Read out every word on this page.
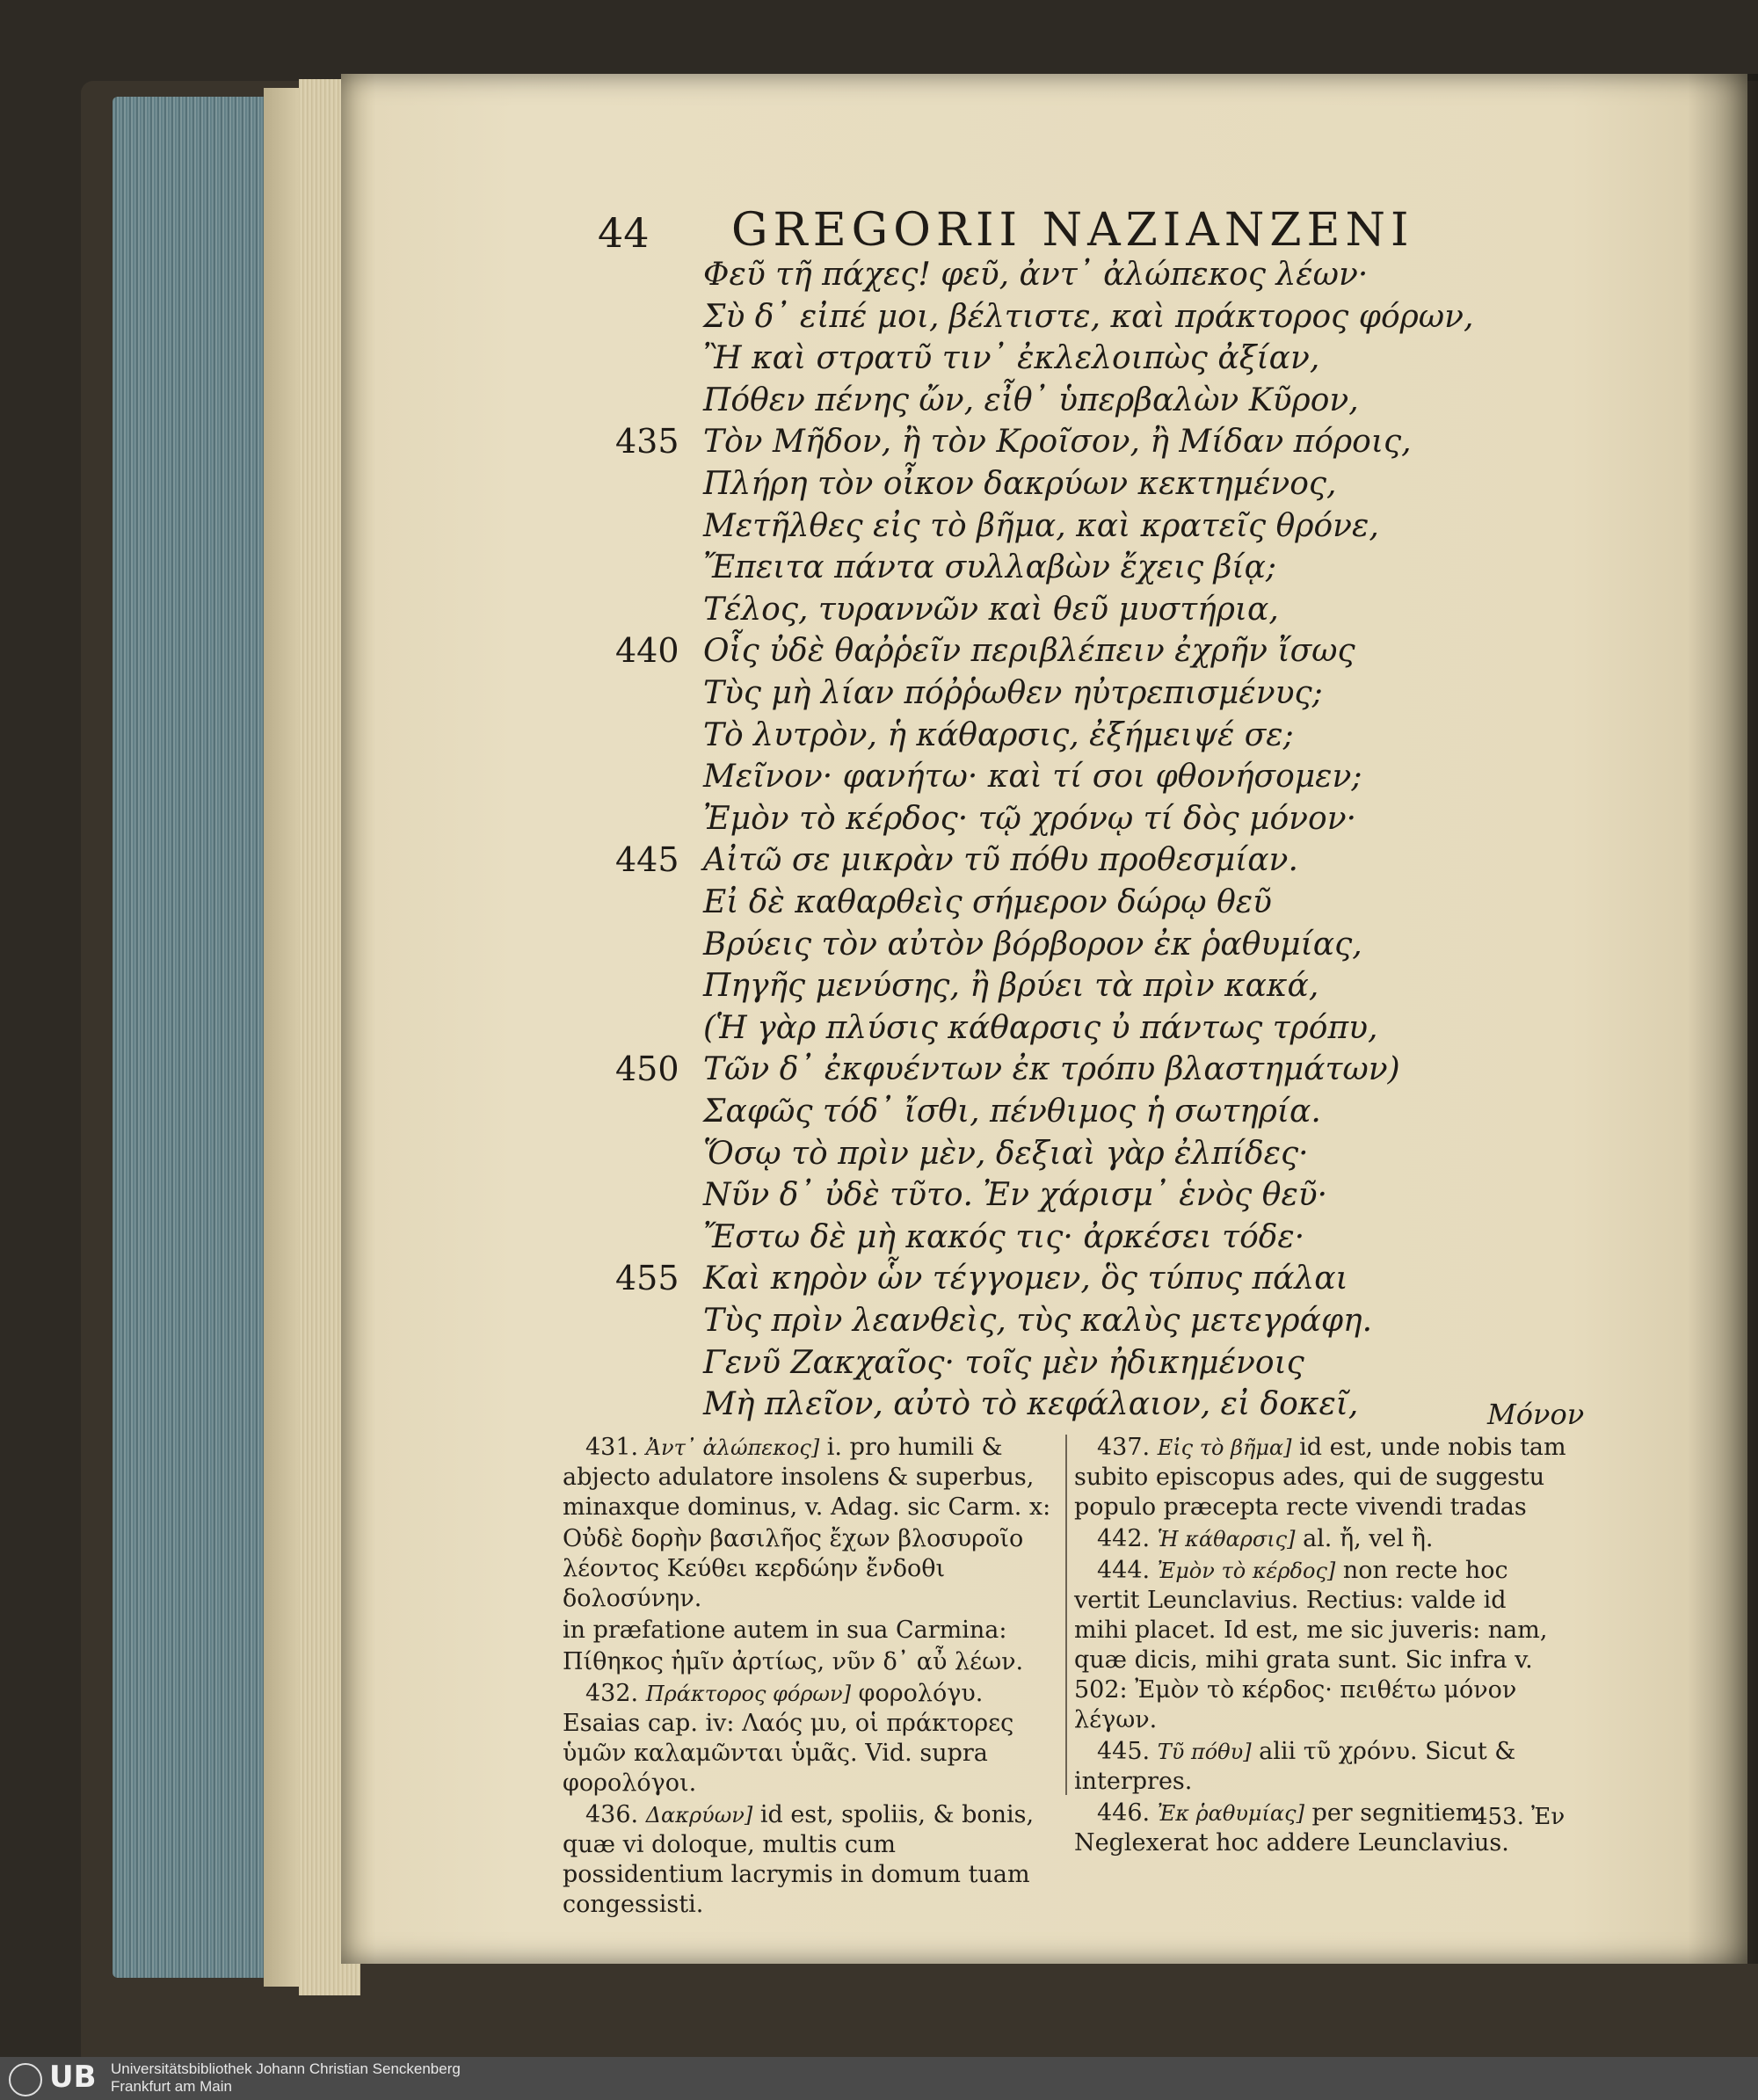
44 GREGORII NAZIANZENI
Φεῦ τῆ πάχες! φεῦ, ἀντ᾽ ἀλώπεκος λέων·
Σὺ δ᾽ εἰπέ μοι, βέλτιστε, καὶ πράκτορος φόρων,
Ἢ καὶ στρατῦ τιν᾽ ἐκλελοιπὼς ἀξίαν,
Πόθεν πένης ὤν, εἶθ᾽ ὑπερβαλὼν Κῦρον,
435 Τὸν Μῆδον, ἢ τὸν Κροῖσον, ἢ Μίδαν πόροις,
Πλήρη τὸν οἶκον δακρύων κεκτημένος,
Μετῆλθες εἰς τὸ βῆμα, καὶ κρατεῖς θρόνε,
Ἔπειτα πάντα συλλαβὼν ἔχεις βίᾳ;
Τέλος, τυραννῶν καὶ θεῦ μυστήρια,
440 Οἷς ὐδὲ θαῤῥεῖν περιβλέπειν ἐχρῆν ἴσως
Τὺς μὴ λίαν πόῤῥωθεν ηὐτρεπισμένυς;
Τὸ λυτρὸν, ἡ κάθαρσις, ἐξήμειψέ σε;
Μεῖνον· φανήτω· καὶ τί σοι φθονήσομεν;
Ἐμὸν τὸ κέρδος· τῷ χρόνῳ τί δὸς μόνον·
445 Αἰτῶ σε μικρὰν τῦ πόθυ προθεσμίαν.
Εἰ δὲ καθαρθεὶς σήμερον δώρῳ θεῦ
Βρύεις τὸν αὐτὸν βόρβορον ἐκ ῥαθυμίας,
Πηγῆς μενύσης, ἢ βρύει τὰ πρὶν κακά,
(Ἡ γὰρ πλύσις κάθαρσις ὐ πάντως τρόπυ,
450 Τῶν δ᾽ ἐκφυέντων ἐκ τρόπυ βλαστημάτων)
Σαφῶς τόδ᾽ ἴσθι, πένθιμος ἡ σωτηρία.
Ὅσῳ τὸ πρὶν μὲν, δεξιαὶ γὰρ ἐλπίδες·
Νῦν δ᾽ ὐδὲ τῦτο. Ἐν χάρισμ᾽ ἑνὸς θεῦ·
Ἔστω δὲ μὴ κακός τις· ἀρκέσει τόδε·
455 Καὶ κηρὸν ὧν τέγγομεν, ὃς τύπυς πάλαι
Τὺς πρὶν λεανθεὶς, τὺς καλὺς μετεγράφη.
Γενῦ Ζακχαῖος· τοῖς μὲν ἠδικημένοις
Μὴ πλεῖον, αὐτὸ τὸ κεφάλαιον, εἰ δοκεῖ,	Μόνον
431. Ἀντ᾽ ἀλώπεκος] i. pro humili & abjecto adulatore insolens & superbus, minaxque dominus, v. Adag. sic Carm. x:
Οὐδὲ δορὴν βασιλῆος ἔχων βλοσυροῖο λέοντος Κεύθει κερδώην ἔνδοθι δολοσύνην.
in præfatione autem in sua Carmina:
Πίθηκος ἡμῖν ἀρτίως, νῦν δ᾽ αὖ λέων.
432. Πράκτορος φόρων] φορολόγυ. Esaias cap. iv: Λαός μυ, οἱ πράκτορες ὑμῶν καλαμῶνται ὑμᾶς. Vid. supra φορολόγοι.
436. Δακρύων] id est, spoliis, & bonis, quæ vi doloque, multis cum possidentium lacrymis in domum tuam congessisti.
437. Εἰς τὸ βῆμα] id est, unde nobis tam subito episcopus ades, qui de suggestu populo præcepta recte vivendi tradas
442. Ἡ κάθαρσις] al. ἤ, vel ἢ.
444. Ἐμὸν τὸ κέρδος] non recte hoc vertit Leunclavius. Rectius: valde id mihi placet. Id est, me sic juveris: nam, quæ dicis, mihi grata sunt. Sic infra v. 502: Ἐμὸν τὸ κέρδος· πειθέτω μόνον λέγων.
445. Τῦ πόθυ] alii τῦ χρόνυ. Sicut & interpres.
446. Ἐκ ῥαθυμίας] per segnitiem. Neglexerat hoc addere Leunclavius.
453. Ἐν
UB Universitätsbibliothek Johann Christian Senckenberg
Frankfurt am Main
